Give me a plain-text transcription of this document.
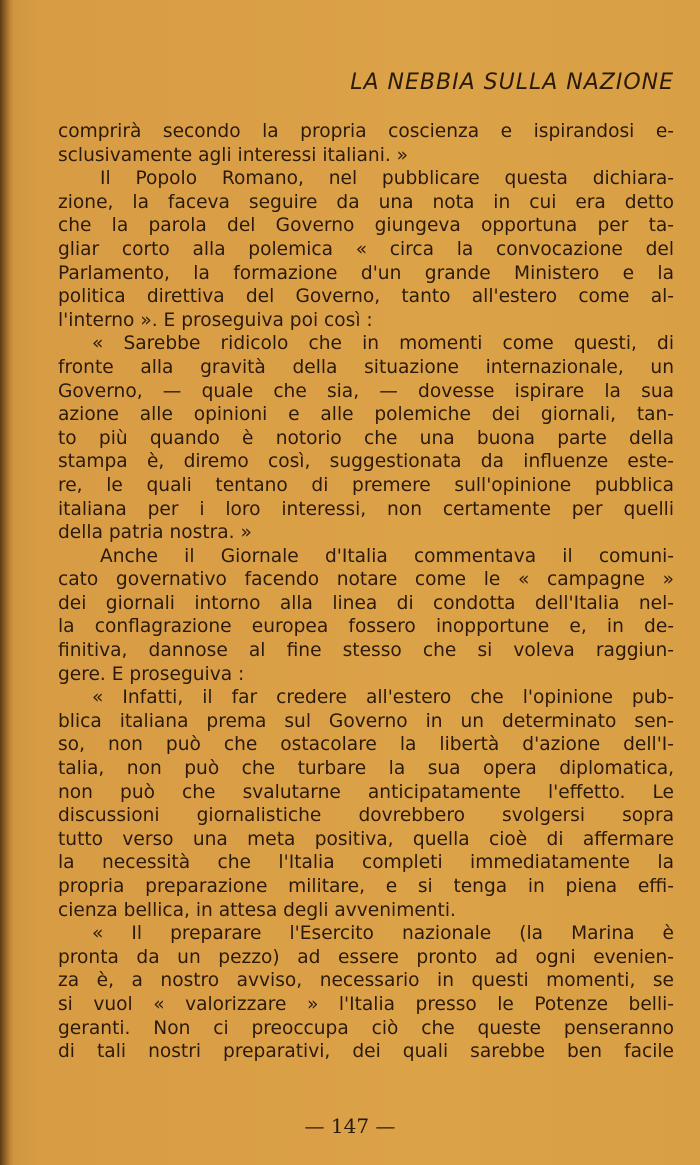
LA NEBBIA SULLA NAZIONE
comprirà secondo la propria coscienza e ispirandosi e-
sclusivamente agli interessi italiani. »
Il Popolo Romano, nel pubblicare questa dichiara-
zione, la faceva seguire da una nota in cui era detto
che la parola del Governo giungeva opportuna per ta-
gliar corto alla polemica « circa la convocazione del
Parlamento, la formazione d'un grande Ministero e la
politica direttiva del Governo, tanto all'estero come al-
l'interno ». E proseguiva poi così :
« Sarebbe ridicolo che in momenti come questi, di
fronte alla gravità della situazione internazionale, un
Governo, — quale che sia, — dovesse ispirare la sua
azione alle opinioni e alle polemiche dei giornali, tan-
to più quando è notorio che una buona parte della
stampa è, diremo così, suggestionata da influenze este-
re, le quali tentano di premere sull'opinione pubblica
italiana per i loro interessi, non certamente per quelli
della patria nostra. »
Anche il Giornale d'Italia commentava il comuni-
cato governativo facendo notare come le « campagne »
dei giornali intorno alla linea di condotta dell'Italia nel-
la conflagrazione europea fossero inopportune e, in de-
finitiva, dannose al fine stesso che si voleva raggiun-
gere. E proseguiva :
« Infatti, il far credere all'estero che l'opinione pub-
blica italiana prema sul Governo in un determinato sen-
so, non può che ostacolare la libertà d'azione dell'I-
talia, non può che turbare la sua opera diplomatica,
non può che svalutarne anticipatamente l'effetto. Le
discussioni giornalistiche dovrebbero svolgersi sopra
tutto verso una meta positiva, quella cioè di affermare
la necessità che l'Italia completi immediatamente la
propria preparazione militare, e si tenga in piena effi-
cienza bellica, in attesa degli avvenimenti.
« Il preparare l'Esercito nazionale (la Marina è
pronta da un pezzo) ad essere pronto ad ogni evenien-
za è, a nostro avviso, necessario in questi momenti, se
si vuol « valorizzare » l'Italia presso le Potenze belli-
geranti. Non ci preoccupa ciò che queste penseranno
di tali nostri preparativi, dei quali sarebbe ben facile
— 147 —
